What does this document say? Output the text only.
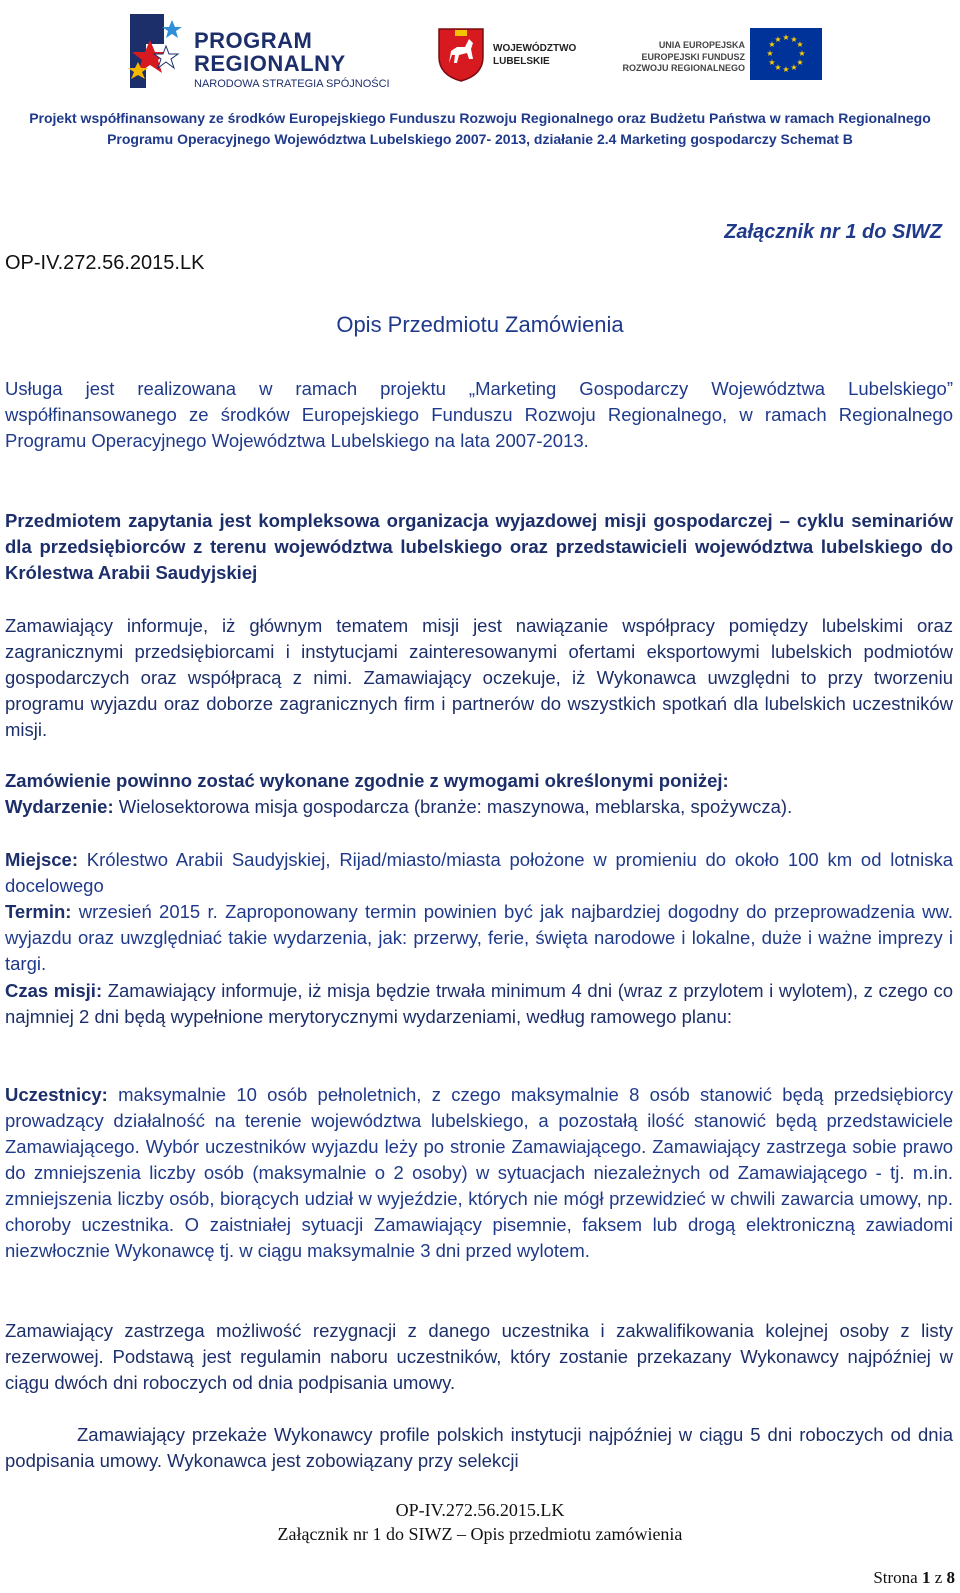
PROGRAM
REGIONALNY
NARODOWA STRATEGIA SPÓJNOŚCI
WOJEWÓDZTWO
LUBELSKIE
UNIA EUROPEJSKA
EUROPEJSKI FUNDUSZ
ROZWOJU REGIONALNEGO
★ ★
★
★
★
★
★
★
★
★
★
★
Projekt współfinansowany ze środków Europejskiego Funduszu Rozwoju Regionalnego oraz Budżetu Państwa w ramach Regionalnego
Programu Operacyjnego Województwa Lubelskiego 2007- 2013, działanie 2.4 Marketing gospodarczy Schemat B
OP-IV.272.56.2015.LK
Załącznik nr 1 do SIWZ
Opis Przedmiotu Zamówienia
Usługa jest realizowana w ramach projektu „Marketing Gospodarczy Województwa Lubelskiego” współfinansowanego ze środków Europejskiego Funduszu Rozwoju Regionalnego, w ramach Regionalnego Programu Operacyjnego Województwa Lubelskiego na lata 2007-2013.
Przedmiotem zapytania jest kompleksowa organizacja wyjazdowej misji gospodarczej – cyklu seminariów dla przedsiębiorców z terenu województwa lubelskiego oraz przedstawicieli województwa lubelskiego do Królestwa Arabii Saudyjskiej
Zamawiający informuje, iż głównym tematem misji jest nawiązanie współpracy pomiędzy lubelskimi oraz zagranicznymi przedsiębiorcami i instytucjami zainteresowanymi ofertami eksportowymi lubelskich podmiotów gospodarczych oraz współpracą z nimi. Zamawiający oczekuje, iż Wykonawca uwzględni to przy tworzeniu programu wyjazdu oraz doborze zagranicznych firm i partnerów do wszystkich spotkań dla lubelskich uczestników misji.
Zamówienie powinno zostać wykonane zgodnie z wymogami określonymi poniżej:
Wydarzenie: Wielosektorowa misja gospodarcza (branże: maszynowa, meblarska, spożywcza).
Miejsce: Królestwo Arabii Saudyjskiej, Rijad/miasto/miasta położone w promieniu do około 100 km od lotniska docelowego
Termin: wrzesień 2015 r. Zaproponowany termin powinien być jak najbardziej dogodny do przeprowadzenia ww. wyjazdu oraz uwzględniać takie wydarzenia, jak: przerwy, ferie, święta narodowe i lokalne, duże i ważne imprezy i targi.
Czas misji: Zamawiający informuje, iż misja będzie trwała minimum 4 dni (wraz z przylotem i wylotem), z czego co najmniej 2 dni będą wypełnione merytorycznymi wydarzeniami, według ramowego planu:
Uczestnicy: maksymalnie 10 osób pełnoletnich, z czego maksymalnie 8 osób stanowić będą przedsiębiorcy prowadzący działalność na terenie województwa lubelskiego, a pozostałą ilość stanowić będą przedstawiciele Zamawiającego. Wybór uczestników wyjazdu leży po stronie Zamawiającego. Zamawiający zastrzega sobie prawo do zmniejszenia liczby osób (maksymalnie o 2 osoby) w sytuacjach niezależnych od Zamawiającego - tj. m.in. zmniejszenia liczby osób, biorących udział w wyjeździe, których nie mógł przewidzieć w chwili zawarcia umowy, np. choroby uczestnika. O zaistniałej sytuacji Zamawiający pisemnie, faksem lub drogą elektroniczną zawiadomi niezwłocznie Wykonawcę tj. w ciągu maksymalnie 3 dni przed wylotem.
Zamawiający zastrzega możliwość rezygnacji z danego uczestnika i zakwalifikowania kolejnej osoby z listy rezerwowej. Podstawą jest regulamin naboru uczestników, który zostanie przekazany Wykonawcy najpóźniej w ciągu dwóch dni roboczych od dnia podpisania umowy.
Zamawiający przekaże Wykonawcy profile polskich instytucji najpóźniej w ciągu 5 dni roboczych od dnia podpisania umowy. Wykonawca jest zobowiązany przy selekcji
OP-IV.272.56.2015.LK
Załącznik nr 1 do SIWZ – Opis przedmiotu zamówienia
Strona 1 z 8
